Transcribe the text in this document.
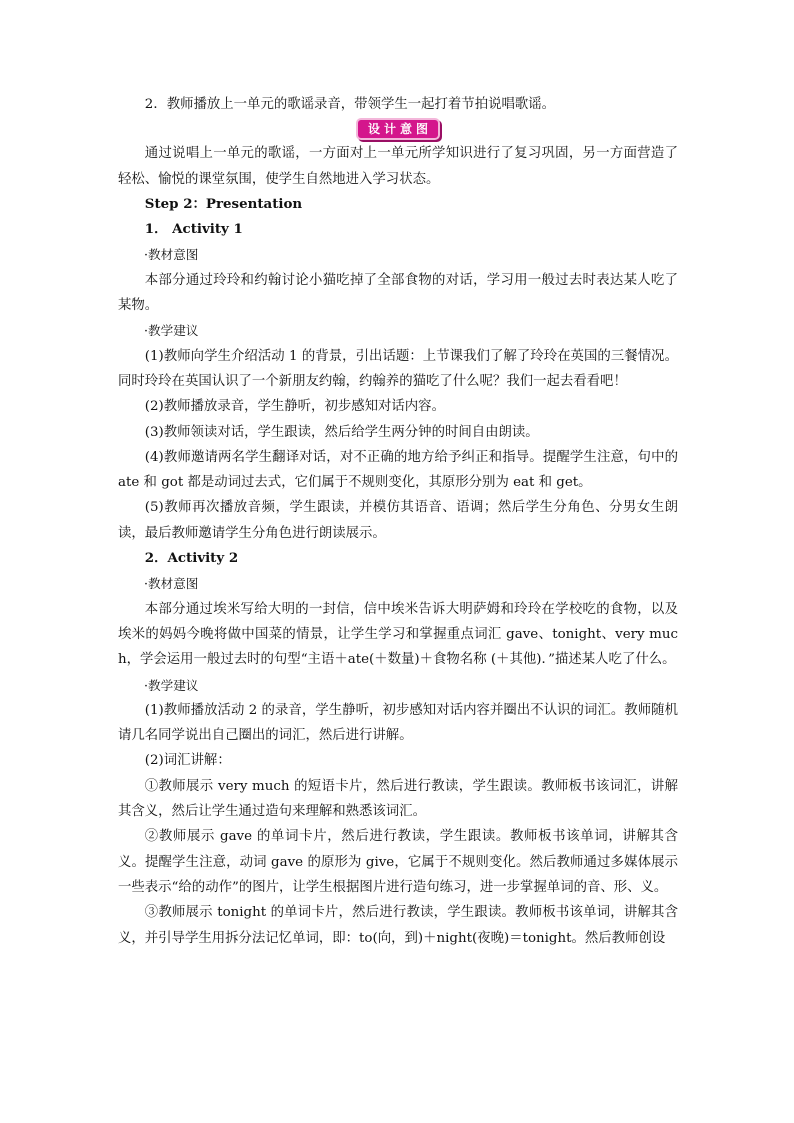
2．教师播放上一单元的歌谣录音，带领学生一起打着节拍说唱歌谣。

设计意图

通过说唱上一单元的歌谣，一方面对上一单元所学知识进行了复习巩固，另一方面营造了轻松、愉悦的课堂氛围，使学生自然地进入学习状态。

Step 2：Presentation

1． Activity 1

·教材意图

本部分通过玲玲和约翰讨论小猫吃掉了全部食物的对话，学习用一般过去时表达某人吃了某物。

·教学建议

(1)教师向学生介绍活动 1 的背景，引出话题：上节课我们了解了玲玲在英国的三餐情况。同时玲玲在英国认识了一个新朋友约翰，约翰养的猫吃了什么呢？我们一起去看看吧！

(2)教师播放录音，学生静听，初步感知对话内容。

(3)教师领读对话，学生跟读，然后给学生两分钟的时间自由朗读。

(4)教师邀请两名学生翻译对话，对不正确的地方给予纠正和指导。提醒学生注意，句中的 ate 和 got 都是动词过去式，它们属于不规则变化，其原形分别为 eat 和 get。

(5)教师再次播放音频，学生跟读，并模仿其语音、语调；然后学生分角色、分男女生朗读，最后教师邀请学生分角色进行朗读展示。

2．Activity 2

·教材意图

本部分通过埃米写给大明的一封信，信中埃米告诉大明萨姆和玲玲在学校吃的食物，以及埃米的妈妈今晚将做中国菜的情景，让学生学习和掌握重点词汇 gave、tonight、very much，学会运用一般过去时的句型“主语＋ate(＋数量)＋食物名称 (＋其他)．”描述某人吃了什么。

·教学建议

(1)教师播放活动 2 的录音，学生静听，初步感知对话内容并圈出不认识的词汇。教师随机请几名同学说出自己圈出的词汇，然后进行讲解。

(2)词汇讲解：

①教师展示 very much 的短语卡片，然后进行教读，学生跟读。教师板书该词汇，讲解其含义，然后让学生通过造句来理解和熟悉该词汇。

②教师展示 gave 的单词卡片，然后进行教读，学生跟读。教师板书该单词，讲解其含义。提醒学生注意，动词 gave 的原形为 give，它属于不规则变化。然后教师通过多媒体展示一些表示“给的动作”的图片，让学生根据图片进行造句练习，进一步掌握单词的音、形、义。

③教师展示 tonight 的单词卡片，然后进行教读，学生跟读。教师板书该单词，讲解其含义，并引导学生用拆分法记忆单词，即：to(向，到)＋night(夜晚)＝tonight。然后教师创设
